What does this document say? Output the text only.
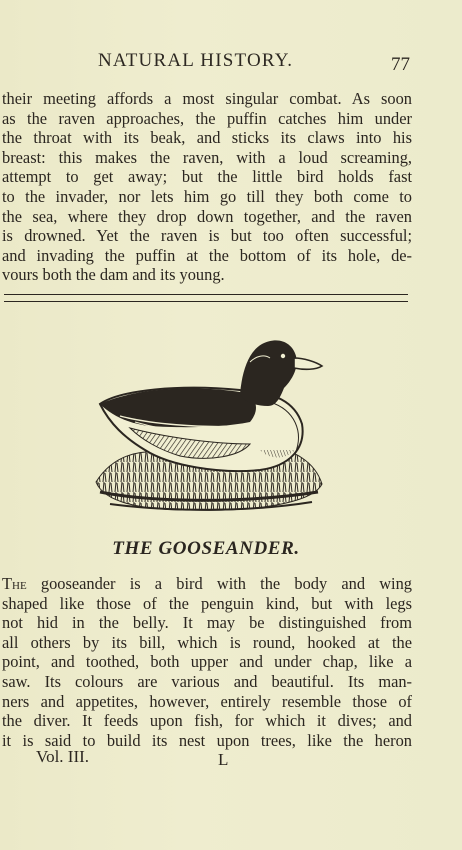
NATURAL HISTORY.	77
their meeting affords a most singular combat. As soon
as the raven approaches, the puffin catches him under
the throat with its beak, and sticks its claws into his
breast: this makes the raven, with a loud screaming,
attempt to get away; but the little bird holds fast
to the invader, nor lets him go till they both come to
the sea, where they drop down together, and the raven
is drowned. Yet the raven is but too often successful;
and invading the puffin at the bottom of its hole, de-
vours both the dam and its young.
THE GOOSEANDER.
The gooseander is a bird with the body and wing
shaped like those of the penguin kind, but with legs
not hid in the belly. It may be distinguished from
all others by its bill, which is round, hooked at the
point, and toothed, both upper and under chap, like a
saw. Its colours are various and beautiful. Its man-
ners and appetites, however, entirely resemble those of
the diver. It feeds upon fish, for which it dives; and
it is said to build its nest upon trees, like the heron
Vol. III.	L
